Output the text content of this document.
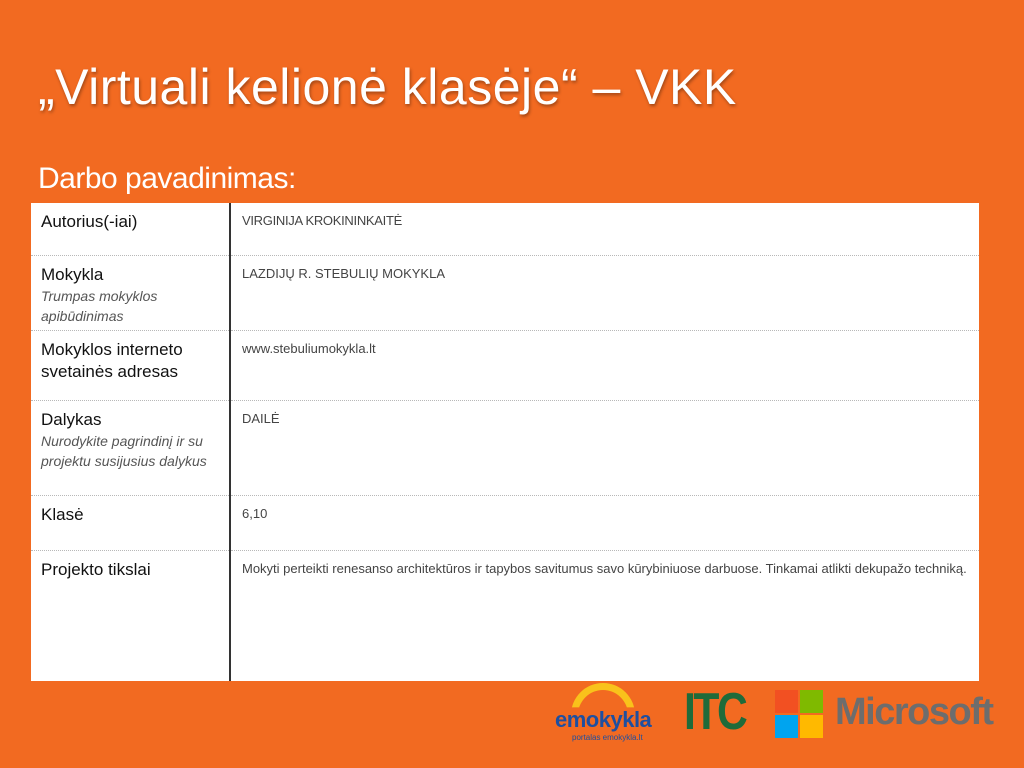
„Virtuali kelionė klasėje“ – VKK
Darbo pavadinimas:
Autorius(-iai)	VIRGINIJA KROKININKAITĖ
Mokykla
Trumpas mokyklos apibūdinimas	LAZDIJŲ R. STEBULIŲ MOKYKLA
Mokyklos interneto svetainės adresas	www.stebuliumokykla.lt
Dalykas
Nurodykite pagrindinį ir su projektu susijusius dalykus	DAILĖ
Klasė	6,10
Projekto tikslai	Mokyti perteikti renesanso architektūros ir tapybos savitumus savo kūrybiniuose darbuose. Tinkamai atlikti dekupažo techniką.
emokykla
portalas emokykla.lt ITC Microsoft
